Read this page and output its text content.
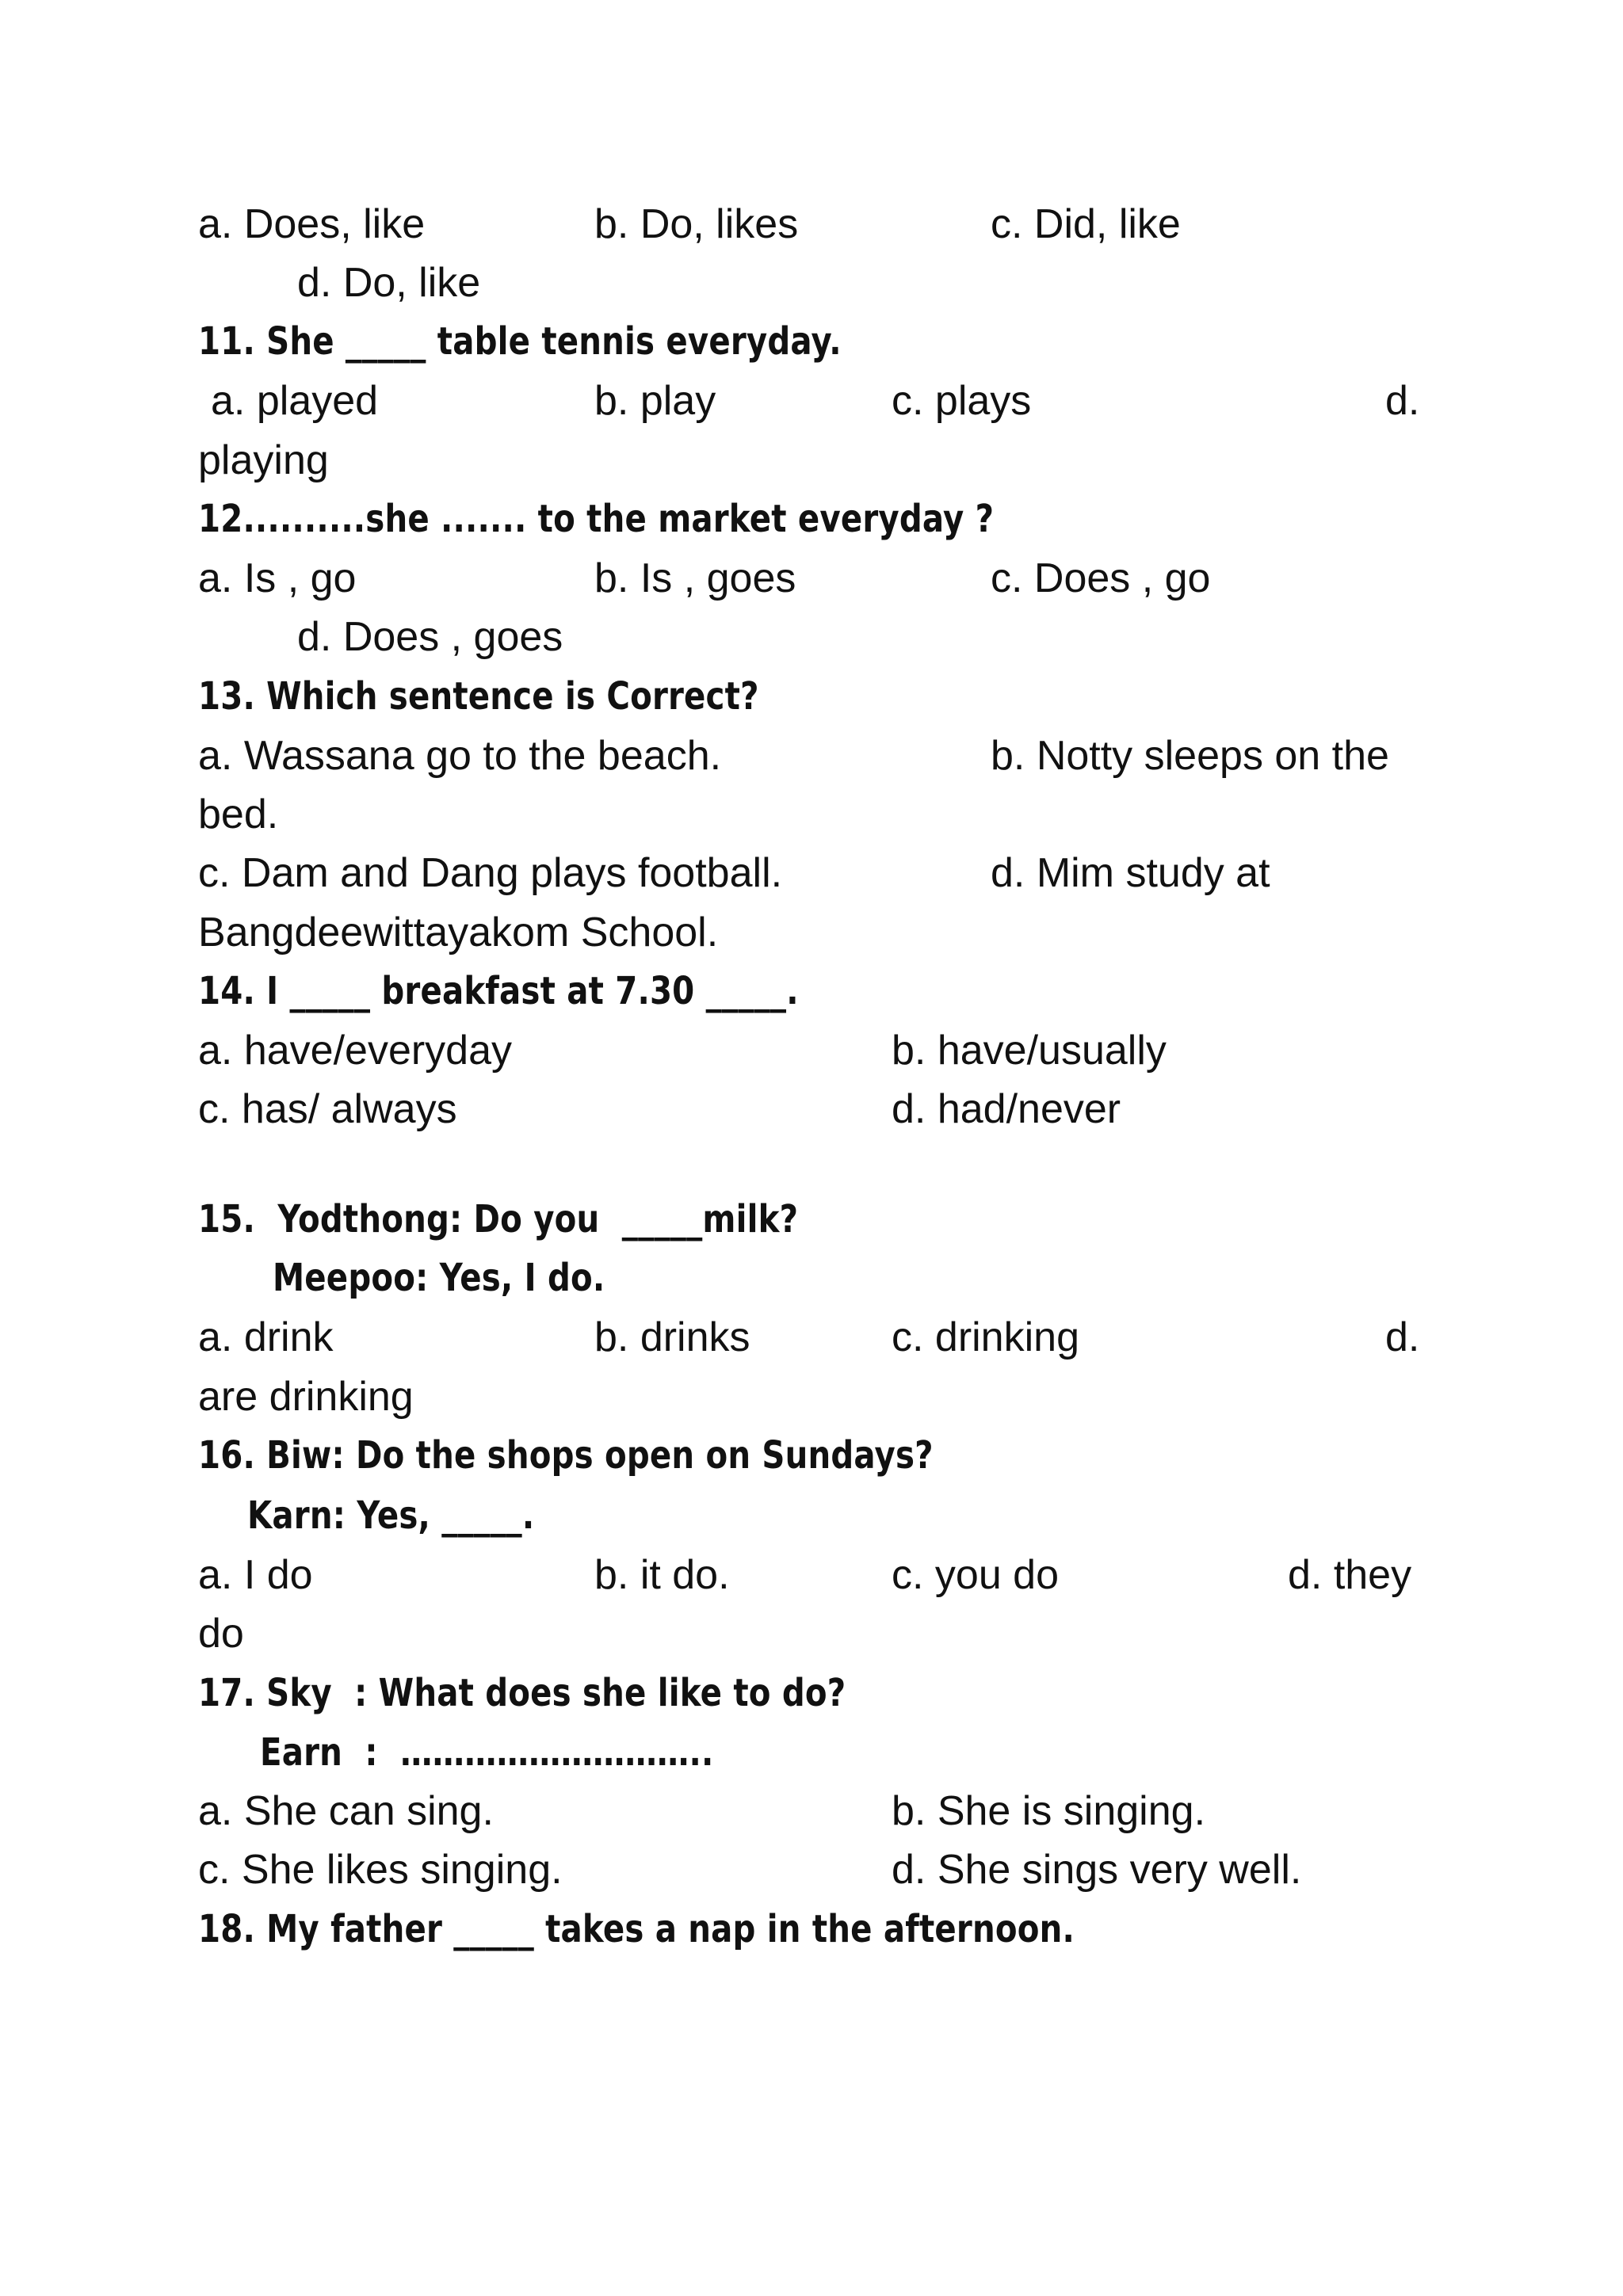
a. Does, like

	b. Do, likes

	c. Did, like

d. Do, like

11. She _____ table tennis everyday.

a. played

	b. play

	c. plays

	d.

playing

12..........she ....... to the market everyday ?

a. Is , go

	b. Is , goes

	c. Does , go

d. Does , goes

13. Which sentence is Correct?

a. Wassana go to the beach.

	b. Notty sleeps on the

bed.

c. Dam and Dang plays football.

	d. Mim study at

Bangdeewittayakom School.

14. I _____ breakfast at 7.30 _____.

a. have/everyday

	b. have/usually

c. has/ always

	d. had/never

15.  Yodthong: Do you  _____milk?

Meepoo: Yes, I do.

a. drink

	b. drinks

	c. drinking

	d.

are drinking

16. Biw: Do the shops open on Sundays?

Karn: Yes, _____.

a. I do

	b. it do.

	c. you do

	d. they

do

17. Sky  : What does she like to do?

Earn  :  ………………………..

a. She can sing.

	b. She is singing.

c. She likes singing.

	d. She sings very well.

18. My father _____ takes a nap in the afternoon.
